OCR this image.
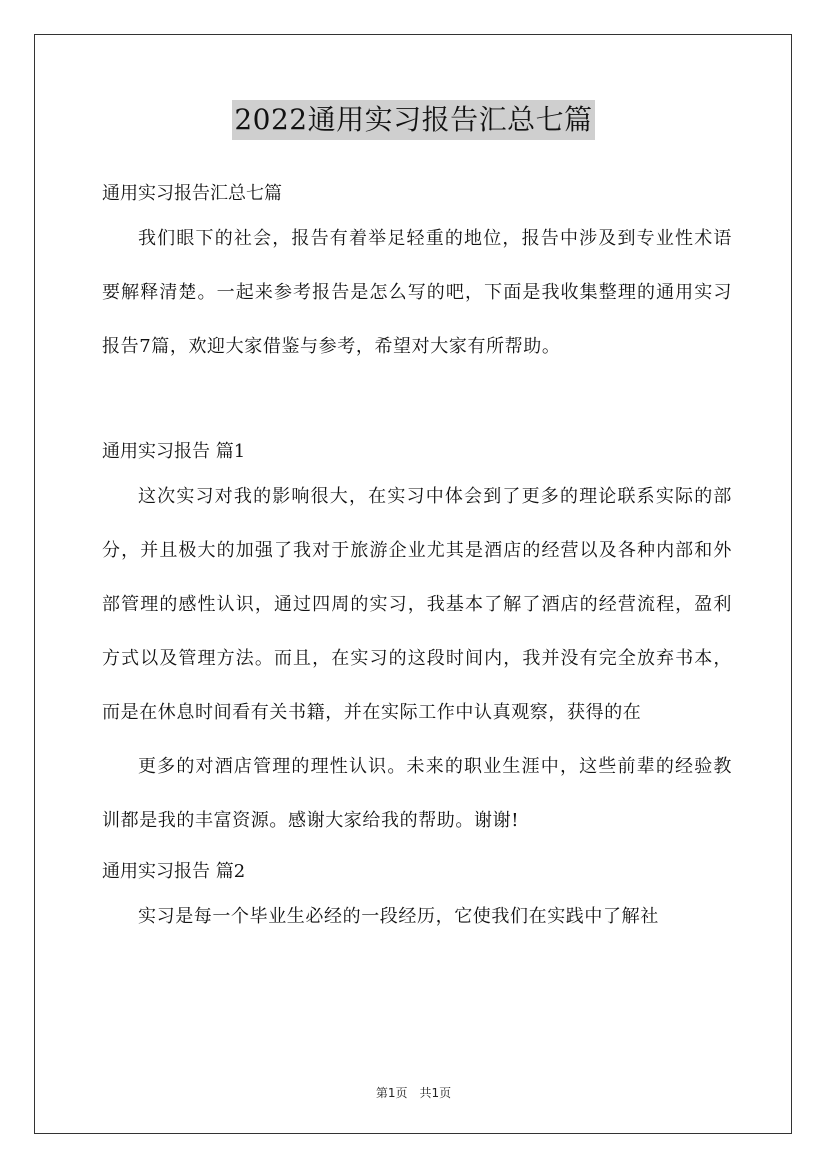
2022通用实习报告汇总七篇
通用实习报告汇总七篇
我们眼下的社会，报告有着举足轻重的地位，报告中涉及到专业性术语要解释清楚。一起来参考报告是怎么写的吧，下面是我收集整理的通用实习报告7篇，欢迎大家借鉴与参考，希望对大家有所帮助。
通用实习报告 篇1
这次实习对我的影响很大，在实习中体会到了更多的理论联系实际的部分，并且极大的加强了我对于旅游企业尤其是酒店的经营以及各种内部和外部管理的感性认识，通过四周的实习，我基本了解了酒店的经营流程，盈利方式以及管理方法。而且，在实习的这段时间内，我并没有完全放弃书本，而是在休息时间看有关书籍，并在实际工作中认真观察，获得的在
更多的对酒店管理的理性认识。未来的职业生涯中，这些前辈的经验教训都是我的丰富资源。感谢大家给我的帮助。谢谢!
通用实习报告 篇2
实习是每一个毕业生必经的一段经历，它使我们在实践中了解社
第1页　共1页
